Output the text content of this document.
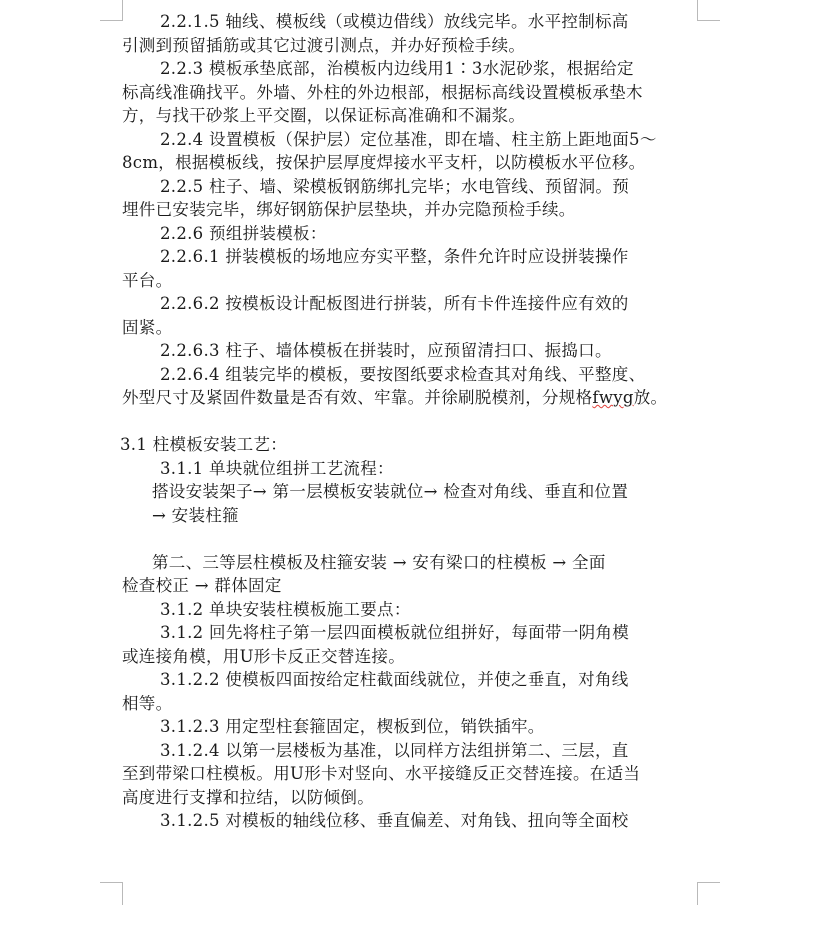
2.2.1.5 轴线、模板线（或模边借线）放线完毕。水平控制标高
引测到预留插筋或其它过渡引测点，并办好预检手续。
2.2.3 模板承垫底部，治模板内边线用1∶3水泥砂浆，根据给定
标高线准确找平。外墙、外柱的外边根部，根据标高线设置模板承垫木
方，与找干砂浆上平交圈，以保证标高准确和不漏浆。
2.2.4 设置模板（保护层）定位基准，即在墙、柱主筋上距地面5～
8cm，根据模板线，按保护层厚度焊接水平支杆，以防模板水平位移。
2.2.5 柱子、墙、梁模板钢筋绑扎完毕；水电管线、预留洞。预
埋件已安装完毕，绑好钢筋保护层垫块，并办完隐预检手续。
2.2.6 预组拼装模板：
2.2.6.1 拼装模板的场地应夯实平整，条件允许时应设拼装操作
平台。
2.2.6.2 按模板设计配板图进行拼装，所有卡件连接件应有效的
固紧。
2.2.6.3 柱子、墙体模板在拼装时，应预留清扫口、振捣口。
2.2.6.4 组装完毕的模板，要按图纸要求检查其对角线、平整度、
外型尺寸及紧固件数量是否有效、牢靠。并徐刷脱模剂，分规格fwyg放。
3.1 柱模板安装工艺：
3.1.1 单块就位组拼工艺流程：
搭设安装架子→ 第一层模板安装就位→ 检查对角线、垂直和位置
→ 安装柱箍
第二、三等层柱模板及柱箍安装 → 安有梁口的柱模板 → 全面
检查校正 → 群体固定
3.1.2 单块安装柱模板施工要点：
3.1.2 回先将柱子第一层四面模板就位组拼好，每面带一阴角模
或连接角模，用U形卡反正交替连接。
3.1.2.2 使模板四面按给定柱截面线就位，并使之垂直，对角线
相等。
3.1.2.3 用定型柱套箍固定，楔板到位，销铁插牢。
3.1.2.4 以第一层楼板为基准，以同样方法组拼第二、三层，直
至到带梁口柱模板。用U形卡对竖向、水平接缝反正交替连接。在适当
高度进行支撑和拉结，以防倾倒。
3.1.2.5 对模板的轴线位移、垂直偏差、对角钱、扭向等全面校
